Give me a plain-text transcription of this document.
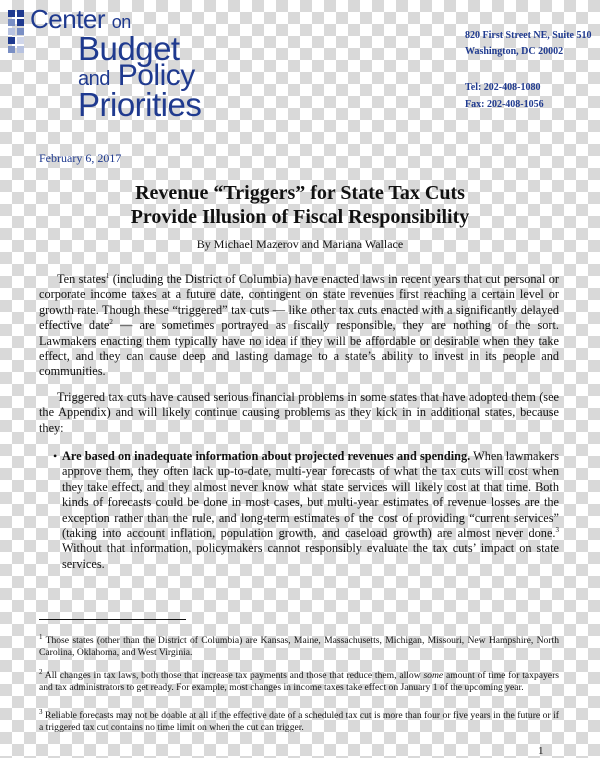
Center on
Budget
and Policy
Priorities
820 First Street NE, Suite 510
Washington, DC 20002
Tel: 202-408-1080
Fax: 202-408-1056
February 6, 2017
Revenue “Triggers” for State Tax Cuts
Provide Illusion of Fiscal Responsibility
By Michael Mazerov and Mariana Wallace
Ten states$^1$ (including the District of Columbia) have enacted laws in recent years that cut personal or corporate income taxes at a future date, contingent on state revenues first reaching a certain level or growth rate. Though these “triggered” tax cuts — like other tax cuts enacted with a significantly delayed effective date$^2$ — are sometimes portrayed as fiscally responsible, they are nothing of the sort. Lawmakers enacting them typically have no idea if they will be affordable or desirable when they take effect, and they can cause deep and lasting damage to a state’s ability to invest in its people and communities.
Triggered tax cuts have caused serious financial problems in some states that have adopted them (see the Appendix) and will likely continue causing problems as they kick in in additional states, because they:
• Are based on inadequate information about projected revenues and spending. When lawmakers approve them, they often lack up-to-date, multi-year forecasts of what the tax cuts will cost when they take effect, and they almost never know what state services will likely cost at that time. Both kinds of forecasts could be done in most cases, but multi-year estimates of revenue losses are the exception rather than the rule, and long-term estimates of the cost of providing “current services” (taking into account inflation, population growth, and caseload growth) are almost never done.$^3$ Without that information, policymakers cannot responsibly evaluate the tax cuts’ impact on state services.
$^1$ Those states (other than the District of Columbia) are Kansas, Maine, Massachusetts, Michigan, Missouri, New Hampshire, North Carolina, Oklahoma, and West Virginia.
$^2$ All changes in tax laws, both those that increase tax payments and those that reduce them, allow some amount of time for taxpayers and tax administrators to get ready. For example, most changes in income taxes take effect on January 1 of the upcoming year.
$^3$ Reliable forecasts may not be doable at all if the effective date of a scheduled tax cut is more than four or five years in the future or if a triggered tax cut contains no time limit on when the cut can trigger.
1
